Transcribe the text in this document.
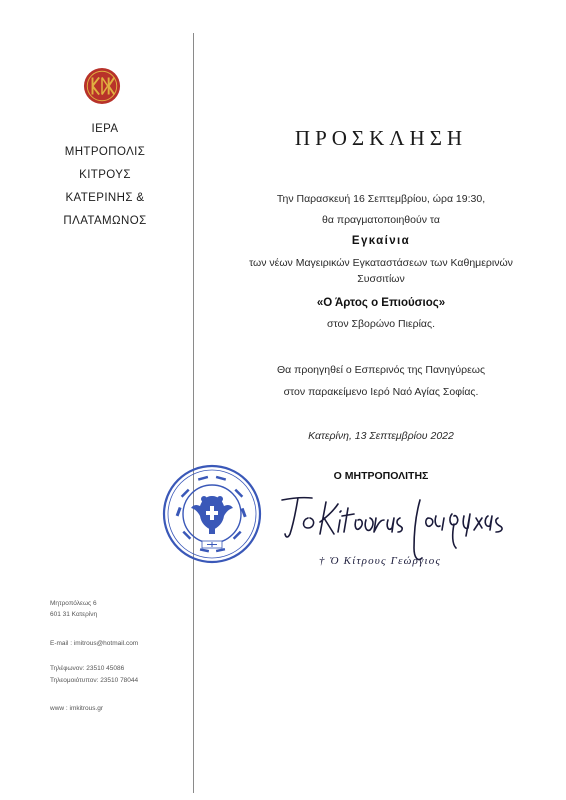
ΙΕΡΑ
ΜΗΤΡΟΠΟΛΙΣ
ΚΙΤΡΟΥΣ
ΚΑΤΕΡΙΝΗΣ &
ΠΛΑΤΑΜΩΝΟΣ
Μητροπόλεως 6
601 31 Κατερίνη
E-mail : imitrous@hotmail.com
Τηλέφωνον: 23510 45086
Τηλεομοιότυπον: 23510 78044
www : imkitrous.gr
ΠΡΟΣΚΛΗΣΗ
Την Παρασκευή 16 Σεπτεμβρίου, ώρα 19:30,
θα πραγματοποιηθούν τα
Εγκαίνια
των νέων Μαγειρικών Εγκαταστάσεων των Καθημερινών
Συσσιτίων
«Ο Άρτος ο Επιούσιος»
στον Σβορώνο Πιερίας.
Θα προηγηθεί ο Εσπερινός της Πανηγύρεως
στον παρακείμενο Ιερό Ναό Αγίας Σοφίας.
Κατερίνη, 13 Σεπτεμβρίου 2022
Ο ΜΗΤΡΟΠΟΛΙΤΗΣ
† Ὁ Κίτρους Γεώργιος
